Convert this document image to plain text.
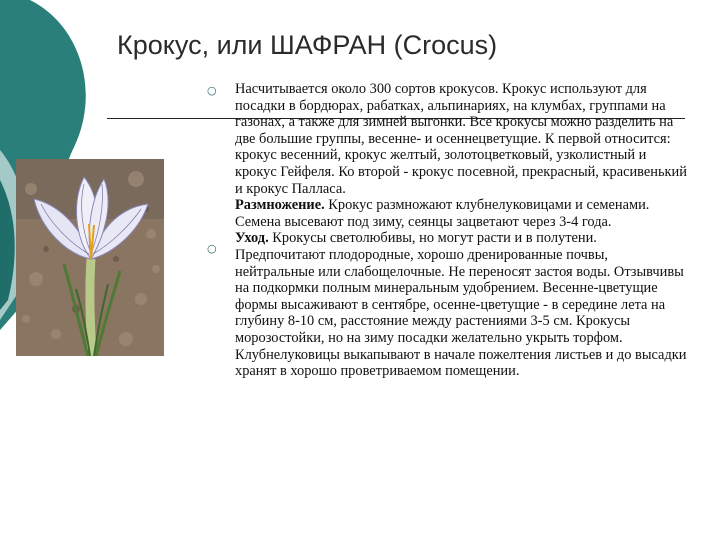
Крокус, или ШАФРАН (Crocus)
○
○

Насчитывается около 300 сортов крокусов. Крокус используют для посадки в бордюрах, рабатках, альпинариях, на клумбах, группами на газонах, а также для зимней выгонки. Все крокусы можно разделить на две большие группы, весенне- и осеннецветущие. К первой относится: крокус весенний, крокус желтый, золотоцветковый, узколистный и крокус Гейфеля. Ко второй - крокус посевной, прекрасный, красивенький и крокус Палласа.

Размножение. Крокус размножают клубнелуковицами и семенами. Семена высевают под зиму, сеянцы зацветают через 3-4 года.

Уход. Крокусы светолюбивы, но могут расти и в полутени. Предпочитают плодородные, хорошо дренированные почвы, нейтральные или слабощелочные. Не переносят застоя воды. Отзывчивы на подкормки полным минеральным удобрением. Весенне-цветущие формы высаживают в сентябре, осенне-цветущие - в середине лета на глубину 8-10 см, расстояние между растениями 3-5 см. Крокусы морозостойки, но на зиму посадки желательно укрыть торфом. Клубнелуковицы выкапывают в начале пожелтения листьев и до высадки хранят в хорошо проветриваемом помещении.
